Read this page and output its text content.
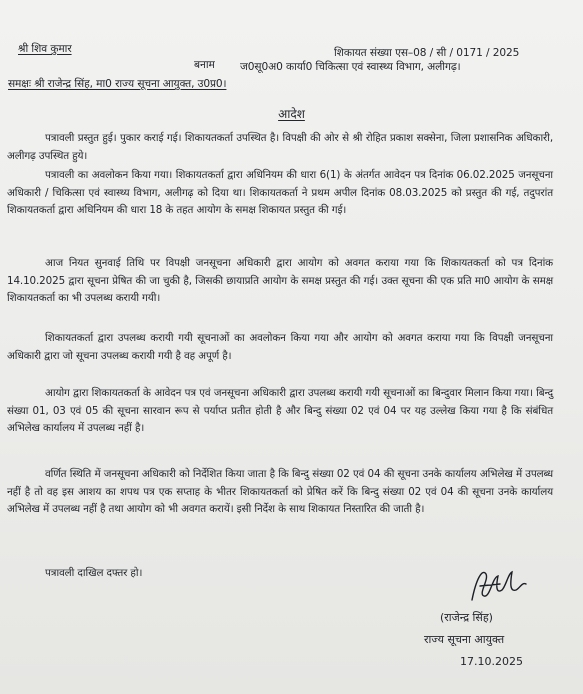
श्री शिव कुमार
बनाम
शिकायत संख्या एस–08 / सी / 0171 / 2025
ज0सू0अ0 कार्या0 चिकित्सा एवं स्वास्थ्य विभाग, अलीगढ़।
समक्षः श्री राजेन्द्र सिंह, मा0 राज्य सूचना आयुक्त, उ0प्र0।
आदेश
पत्रावली प्रस्तुत हुई। पुकार कराई गई। शिकायतकर्ता उपस्थित है। विपक्षी की ओर से श्री रोहित प्रकाश सक्सेना, जिला प्रशासनिक अधिकारी, अलीगढ़ उपस्थित हुये।
पत्रावली का अवलोकन किया गया। शिकायतकर्ता द्वारा अधिनियम की धारा 6(1) के अंतर्गत आवेदन पत्र दिनांक 06.02.2025 जनसूचना अधिकारी / चिकित्सा एवं स्वास्थ्य विभाग, अलीगढ़ को दिया था। शिकायतकर्ता ने प्रथम अपील दिनांक 08.03.2025 को प्रस्तुत की गई, तदुपरांत शिकायतकर्ता द्वारा अधिनियम की धारा 18 के तहत आयोग के समक्ष शिकायत प्रस्तुत की गई।
आज नियत सुनवाई तिथि पर विपक्षी जनसूचना अधिकारी द्वारा आयोग को अवगत कराया गया कि शिकायतकर्ता को पत्र दिनांक 14.10.2025 द्वारा सूचना प्रेषित की जा चुकी है, जिसकी छायाप्रति आयोग के समक्ष प्रस्तुत की गई। उक्त सूचना की एक प्रति मा0 आयोग के समक्ष शिकायतकर्ता का भी उपलब्ध करायी गयी।
शिकायतकर्ता द्वारा उपलब्ध करायी गयी सूचनाओं का अवलोकन किया गया और आयोग को अवगत कराया गया कि विपक्षी जनसूचना अधिकारी द्वारा जो सूचना उपलब्ध करायी गयी है वह अपूर्ण है।
आयोग द्वारा शिकायतकर्ता के आवेदन पत्र एवं जनसूचना अधिकारी द्वारा उपलब्ध करायी गयी सूचनाओं का बिन्दुवार मिलान किया गया। बिन्दु संख्या 01, 03 एवं 05 की सूचना सारवान रूप से पर्याप्त प्रतीत होती है और बिन्दु संख्या 02 एवं 04 पर यह उल्लेख किया गया है कि संबंधित अभिलेख कार्यालय में उपलब्ध नहीं है।
वर्णित स्थिति में जनसूचना अधिकारी को निर्देशित किया जाता है कि बिन्दु संख्या 02 एवं 04 की सूचना उनके कार्यालय अभिलेख में उपलब्ध नहीं है तो वह इस आशय का शपथ पत्र एक सप्ताह के भीतर शिकायतकर्ता को प्रेषित करें कि बिन्दु संख्या 02 एवं 04 की सूचना उनके कार्यालय अभिलेख में उपलब्ध नहीं है तथा आयोग को भी अवगत करायें। इसी निर्देश के साथ शिकायत निस्तारित की जाती है।
पत्रावली दाखिल दफ्तर हो।
(राजेन्द्र सिंह)
राज्य सूचना आयुक्त
17.10.2025
